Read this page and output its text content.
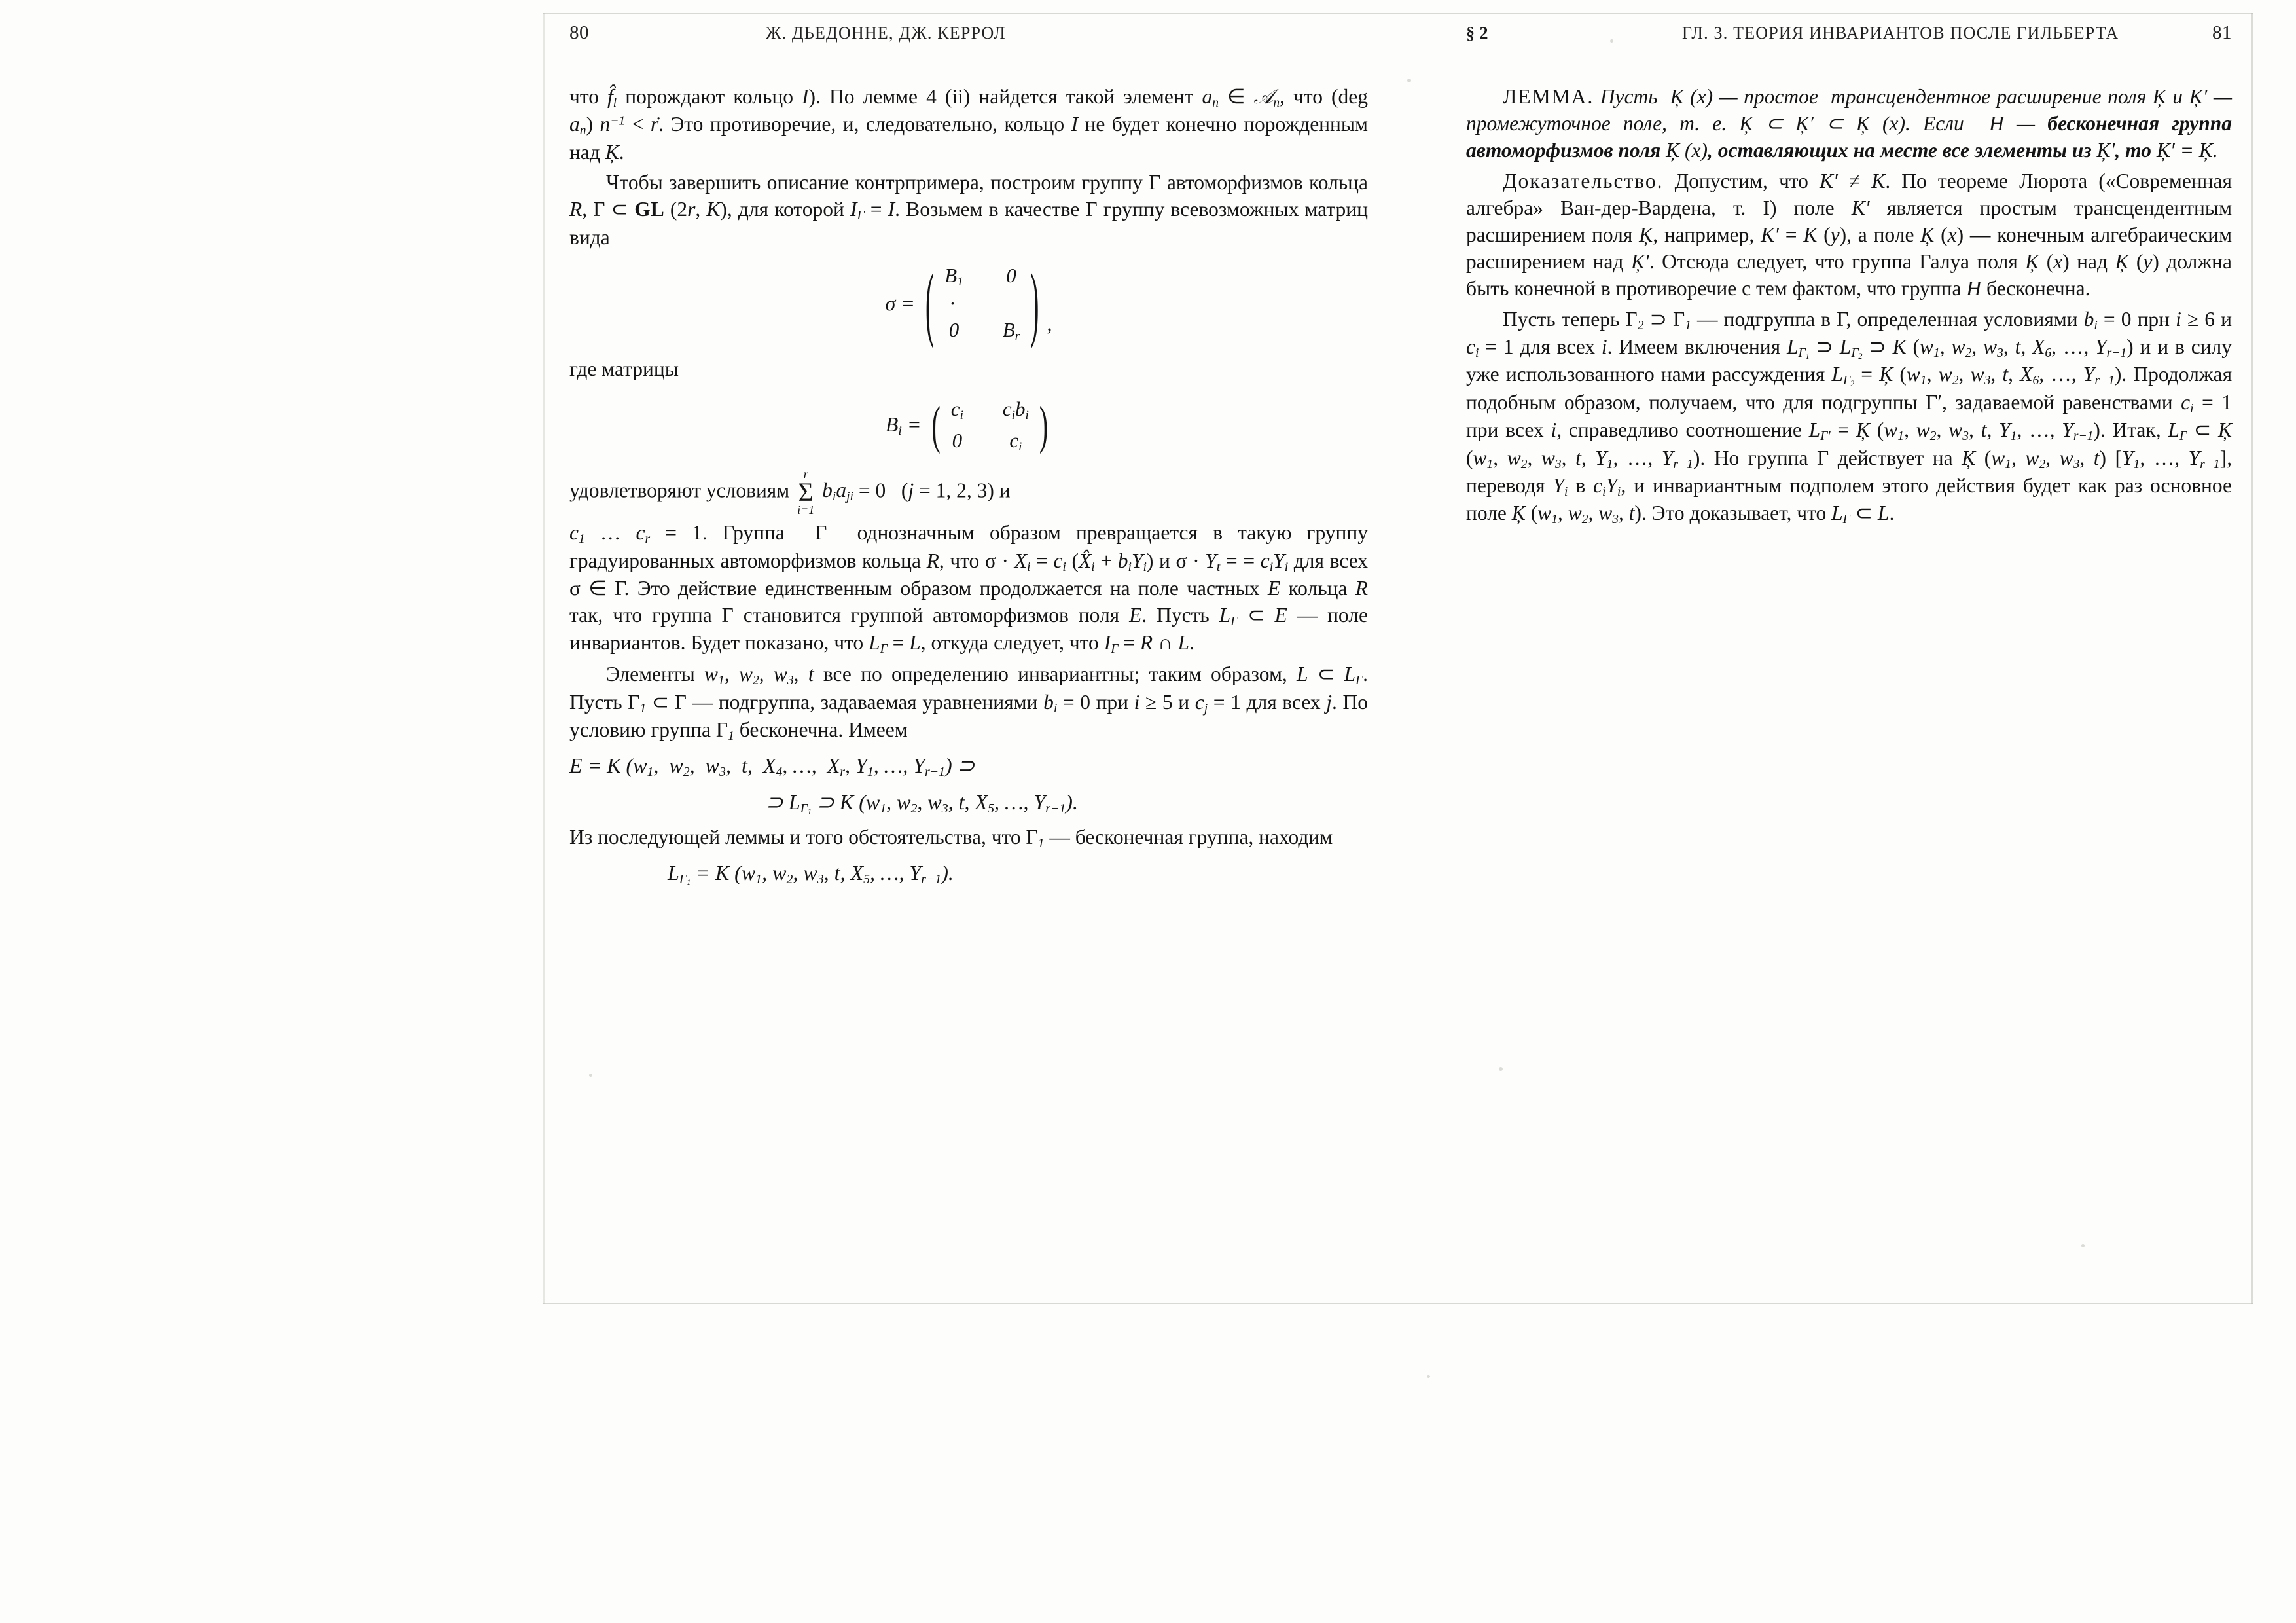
80	Ж. ДЬЕДОННЕ, ДЖ. КЕРРОЛ

что $f̂_l$ порождают кольцо I). По лемме 4 (ii) найдется такой элемент $a_n$ ∈ 𝒜$_n$, что (deg $a_n$) $n^{-1}$ < ṙ. Это противоречие, и, следовательно, кольцо I не будет конечно порожденным над Ķ.

Чтобы завершить описание контрпримера, построим группу Γ автоморфизмов кольца R, Γ ⊂ GL (2r, K), для которой $I_\Gamma = I$. Возьмем в качестве Γ группу всевозможных матриц вида

σ = ( $B_1$ 0
·
0 $B_r$ ) ,

где матрицы

$B_i$ = ( $c_i$ $c_ib_i$
0	$c_i$ )

удовлетворяют условиям
r
Σ
i=1
$b_ia_{ji} = 0$   (j = 1, 2, 3) и

$c_1$ … $c_r = 1$. Группа  Γ  однозначным образом превращается в такую группу градуированных автоморфизмов кольца R, что $\sigma \cdot X_i = c_i$ $(X̂_i + b_iY_i)$ и $\sigma \cdot Y_t$ = = $c_iY_i$ для всех σ ∈ Γ. Это действие единственным образом продолжается на поле частных E кольца R так, что группа Γ становится группой автоморфизмов поля E. Пусть $L_\Gamma$ ⊂ E — поле инвариантов. Будет показано, что $L_\Gamma = L$, откуда следует, что $I_\Gamma = R$ ∩ L.

Элементы $w_1$, $w_2$, $w_3$, t все по определению инвариантны; таким образом, L ⊂ $L_\Gamma$. Пусть $\Gamma_1$ ⊂ Γ — подгруппа, задаваемая уравнениями $b_i = 0$ при i ≥ 5 и $c_j = 1$ для всех j. По условию группа $\Gamma_1$ бесконечна. Имеем

E = K ($w_1$,  $w_2$,  $w_3$,  t,  $X_4$, …,  $X_r$, $Y_1$, …, $Y_{r-1}$) ⊃
⊃ $L_{\Gamma_1}$ ⊃ K ($w_1$, $w_2$, $w_3$, t, $X_5$, …, $Y_{r-1}$).

Из последующей леммы и того обстоятельства, что $\Gamma_1$ — бесконечная группа, находим

$L_{\Gamma_1} = K$ ($w_1$, $w_2$, $w_3$, t, $X_5$, …, $Y_{r-1}$).
§ 2	ГЛ. 3. ТЕОРИЯ ИНВАРИАНТОВ ПОСЛЕ ГИЛЬБЕРТА	81

ЛЕММА. Пусть  Ķ (x) — простое  трансцендентное расширение поля Ķ и Ķ′ — промежуточное поле, т. е. Ķ ⊂ Ķ′ ⊂ Ķ (x). Если  H — бесконечная группа автоморфизмов поля Ķ (x), оставляющих на месте все элементы из Ķ′, то Ķ′ = Ķ.

Доказательство. Допустим, что K′ ≠ K. По теореме Люрота («Современная алгебра» Ван-дер-Вардена, т. I) поле K′ является простым трансцендентным расширением поля Ķ, например, K′ = K (y), а поле Ķ (x) — конечным алгебраическим расширением над Ķ′. Отсюда следует, что группа Галуа поля Ķ (x) над Ķ (y) должна быть конечной в противоречие с тем фактом, что группа H бесконечна.

Пусть теперь $\Gamma_2$ ⊃ $\Gamma_1$ — подгруппа в Γ, определенная условиями $b_i = 0$ прн i ≥ 6 и $c_i = 1$ для всех i. Имеем включения $L_{\Gamma_1}$ ⊃ $L_{\Gamma_2}$ ⊃ K ($w_1$, $w_2$, $w_3$, t, $X_6$, …, $Y_{r-1}$) и и в силу уже использованного нами рассуждения $L_{\Gamma_2}$ = Ķ ($w_1$, $w_2$, $w_3$, t, $X_6$, …, $Y_{r-1}$). Продолжая подобным образом, получаем, что для подгруппы Γ′, задаваемой равенствами $c_i = 1$ при всех i, справедливо соотношение $L_{\Gamma'}$ = Ķ ($w_1$, $w_2$, $w_3$, t, $Y_1$, …, $Y_{r-1}$). Итак, $L_\Gamma$ ⊂ Ķ ($w_1$, $w_2$, $w_3$, t, $Y_1$, …, $Y_{r-1}$). Но группа Γ действует на Ķ ($w_1$, $w_2$, $w_3$, t) [$Y_1$, …, $Y_{r-1}$], переводя $Y_i$ в $c_iY_i$, и инвариантным подполем этого действия будет как раз основное поле Ķ ($w_1$, $w_2$, $w_3$, t). Это доказывает, что $L_\Gamma$ ⊂ L.
